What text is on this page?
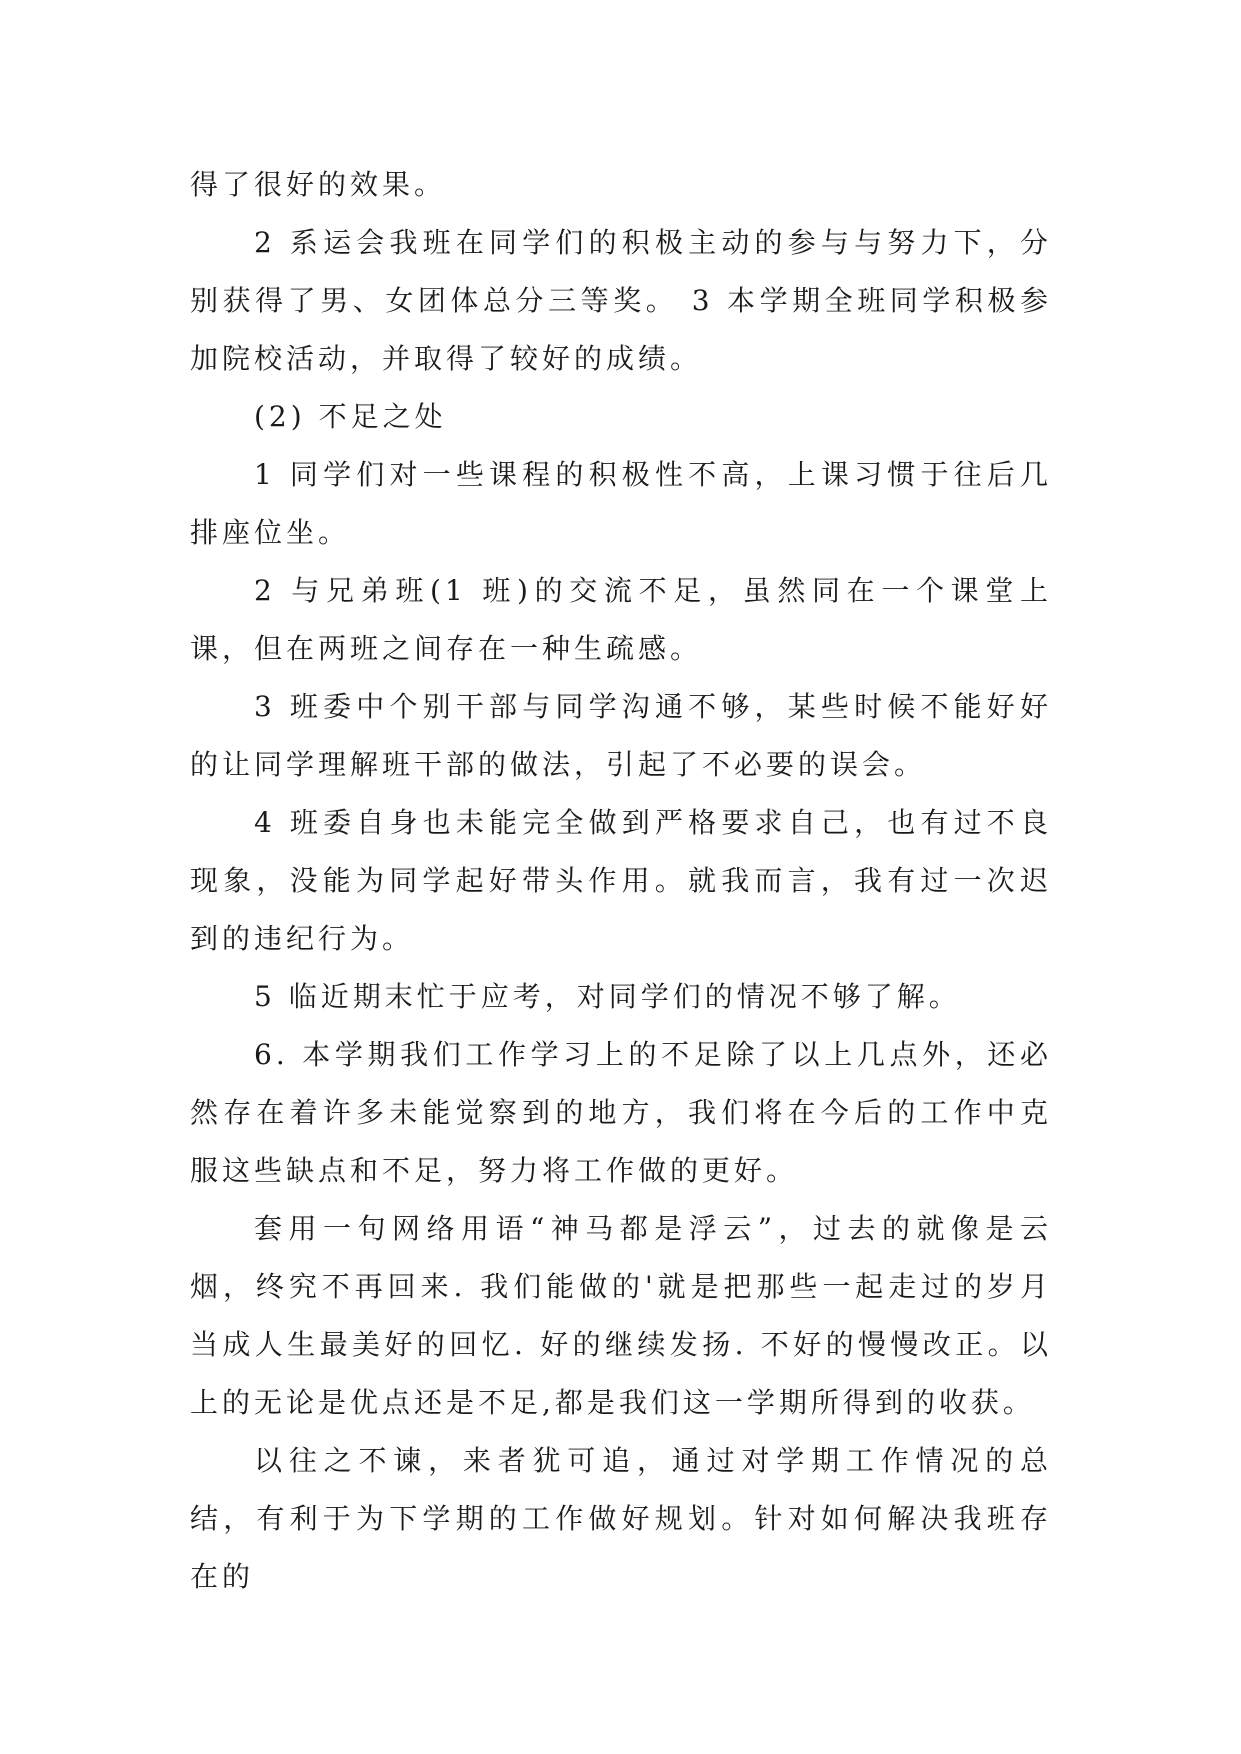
得了很好的效果。

2 系运会我班在同学们的积极主动的参与与努力下，分别获得了男、女团体总分三等奖。 3 本学期全班同学积极参加院校活动，并取得了较好的成绩。

(2) 不足之处

1 同学们对一些课程的积极性不高，上课习惯于往后几排座位坐。

2 与兄弟班(1 班)的交流不足，虽然同在一个课堂上课，但在两班之间存在一种生疏感。

3 班委中个别干部与同学沟通不够，某些时候不能好好的让同学理解班干部的做法，引起了不必要的误会。

4 班委自身也未能完全做到严格要求自己，也有过不良现象，没能为同学起好带头作用。就我而言，我有过一次迟到的违纪行为。

5 临近期末忙于应考，对同学们的情况不够了解。

6. 本学期我们工作学习上的不足除了以上几点外，还必然存在着许多未能觉察到的地方，我们将在今后的工作中克服这些缺点和不足，努力将工作做的更好。

套用一句网络用语“神马都是浮云”，过去的就像是云烟，终究不再回来. 我们能做的'就是把那些一起走过的岁月当成人生最美好的回忆. 好的继续发扬. 不好的慢慢改正。以上的无论是优点还是不足,都是我们这一学期所得到的收获。

以往之不谏，来者犹可追，通过对学期工作情况的总结，有利于为下学期的工作做好规划。针对如何解决我班存在的
